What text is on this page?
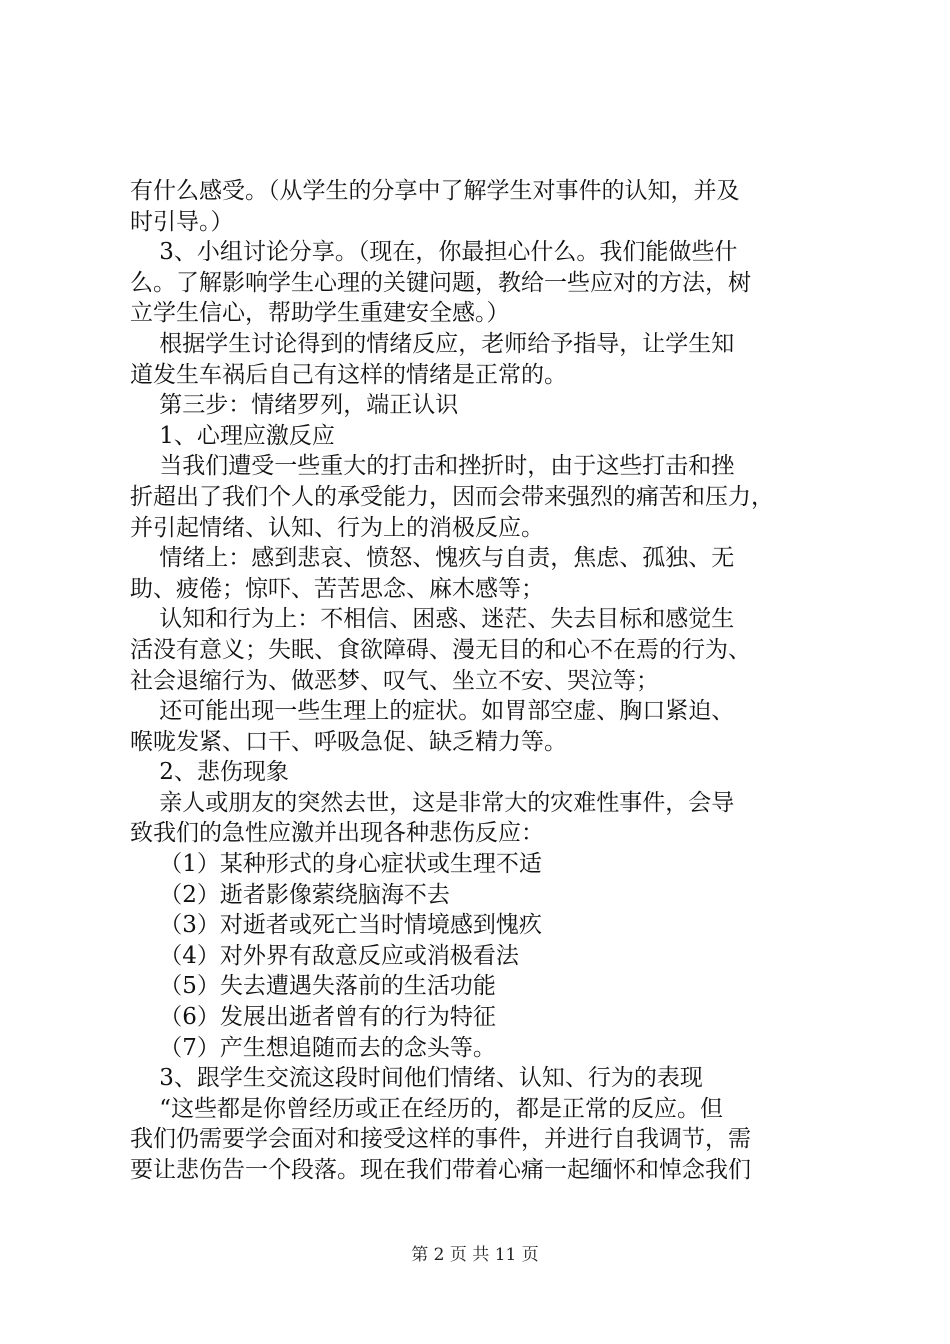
有什么感受。（从学生的分享中了解学生对事件的认知，并及
时引导。）
3、小组讨论分享。（现在，你最担心什么。我们能做些什
么。了解影响学生心理的关键问题，教给一些应对的方法，树
立学生信心，帮助学生重建安全感。）
根据学生讨论得到的情绪反应，老师给予指导，让学生知
道发生车祸后自己有这样的情绪是正常的。
第三步：情绪罗列，端正认识
1、心理应激反应
当我们遭受一些重大的打击和挫折时，由于这些打击和挫
折超出了我们个人的承受能力，因而会带来强烈的痛苦和压力，
并引起情绪、认知、行为上的消极反应。
情绪上：感到悲哀、愤怒、愧疚与自责，焦虑、孤独、无
助、疲倦；惊吓、苦苦思念、麻木感等；
认知和行为上：不相信、困惑、迷茫、失去目标和感觉生
活没有意义；失眠、食欲障碍、漫无目的和心不在焉的行为、
社会退缩行为、做恶梦、叹气、坐立不安、哭泣等；
还可能出现一些生理上的症状。如胃部空虚、胸口紧迫、
喉咙发紧、口干、呼吸急促、缺乏精力等。
2、悲伤现象
亲人或朋友的突然去世，这是非常大的灾难性事件，会导
致我们的急性应激并出现各种悲伤反应：
（1）某种形式的身心症状或生理不适
（2）逝者影像萦绕脑海不去
（3）对逝者或死亡当时情境感到愧疚
（4）对外界有敌意反应或消极看法
（5）失去遭遇失落前的生活功能
（6）发展出逝者曾有的行为特征
（7）产生想追随而去的念头等。
3、跟学生交流这段时间他们情绪、认知、行为的表现
“这些都是你曾经历或正在经历的，都是正常的反应。但
我们仍需要学会面对和接受这样的事件，并进行自我调节，需
要让悲伤告一个段落。现在我们带着心痛一起缅怀和悼念我们
第 2 页 共 11 页
